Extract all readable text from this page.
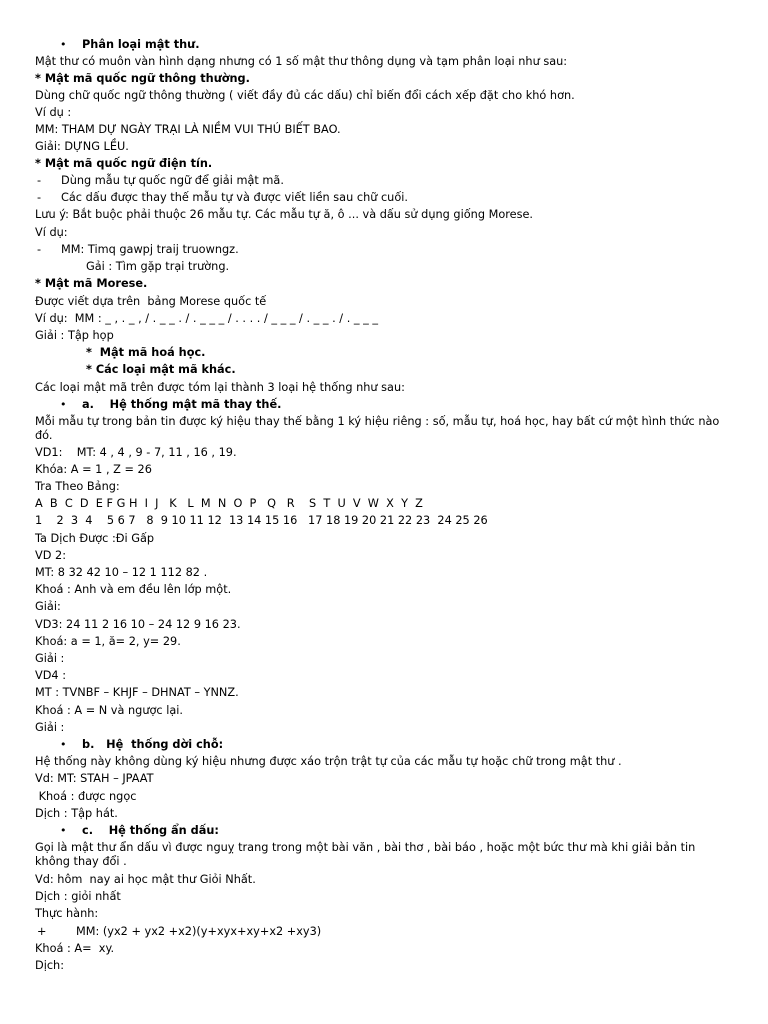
• Phân loại mật thư.
Mật thư có muôn vàn hình dạng nhưng có 1 số mật thư thông dụng và tạm phân loại như sau:
* Mật mã quốc ngữ thông thường.
Dùng chữ quốc ngữ thông thường ( viết đầy đủ các dấu) chỉ biến đổi cách xếp đặt cho khó hơn.
Ví dụ :
MM: THAM DỰ NGÀY TRẠI LÀ NIỀM VUI THÚ BIẾT BAO.
Giải: DỰNG LỀU.
* Mật mã quốc ngữ điện tín.
- Dùng mẫu tự quốc ngữ để giải mật mã.
- Các dấu được thay thế mẫu tự và được viết liền sau chữ cuối.
Lưu ý: Bắt buộc phải thuộc 26 mẫu tự. Các mẫu tự ă, ô ... và dấu sử dụng giống Morese.
Ví dụ:
- MM: Timq gawpj traij truowngz.
Gải : Tìm gặp trại trường.
* Mật mã Morese.
Được viết dựa trên  bảng Morese quốc tế
Ví dụ:  MM : _ , . _ , / . _ _ . / . _ _ _ / . . . . / _ _ _ / . _ _ . / . _ _ _
Giải : Tập họp
*  Mật mã hoá học.
* Các loại mật mã khác.
Các loại mật mã trên được tóm lại thành 3 loại hệ thống như sau:
• a.    Hệ thống mật mã thay thế.
Mỗi mẫu tự trong bản tin được ký hiệu thay thế bằng 1 ký hiệu riêng : số, mẫu tự, hoá học, hay bất cứ một hình thức nào đó.
VD1:    MT: 4 , 4 , 9 - 7, 11 , 16 , 19.
Khóa: A = 1 , Z = 26
Tra Theo Bảng:
A  B  C  D  E F G H  I  J   K   L  M  N  O  P   Q   R    S  T  U  V  W  X  Y  Z
1    2  3  4    5 6 7   8  9 10 11 12  13 14 15 16   17 18 19 20 21 22 23  24 25 26
Ta Dịch Được :Đi Gấp
VD 2:
MT: 8 32 42 10 – 12 1 112 82 .
Khoá : Anh và em đều lên lớp một.
Giải:
VD3: 24 11 2 16 10 – 24 12 9 16 23.
Khoá: a = 1, ă= 2, y= 29.
Giải :
VD4 :
MT : TVNBF – KHJF – DHNAT – YNNZ.
Khoá : A = N và ngược lại.
Giải :
• b.   Hệ  thống dời chỗ:
Hệ thống này không dùng ký hiệu nhưng được xáo trộn trật tự của các mẫu tự hoặc chữ trong mật thư .
Vd: MT: STAH – JPAAT
Khoá : được ngọc
Dịch : Tập hát.
• c.    Hệ thống ẩn dấu:
Gọi là mật thư ẩn dấu vì được nguỵ trang trong một bài văn , bài thơ , bài báo , hoặc một bức thư mà khi giải bản tin không thay đổi .
Vd: hôm  nay ai học mật thư Giỏi Nhất.
Dịch : giỏi nhất
Thực hành:
+	MM: (yx2 + yx2 +x2)(y+xyx+xy+x2 +xy3)
Khoá : A=  xy.
Dịch:
